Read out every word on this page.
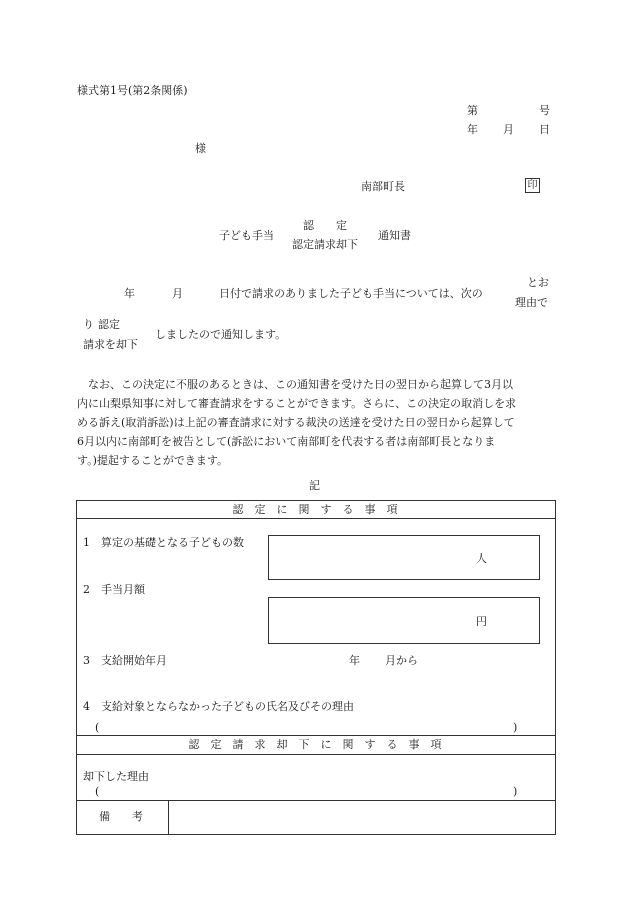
様式第1号(第2条関係)
第	号
年 月 日
様
南部町長	印
認　　定
子ども手当
認定請求却下
通知書
とお
年	月	日付で請求のありました子ども手当については、次の
理由で
り 認定
しましたので通知します。
請求を却下
　なお、この決定に不服のあるときは、この通知書を受けた日の翌日から起算して3月以
内に山梨県知事に対して審査請求をすることができます。さらに、この決定の取消しを求
める訴え(取消訴訟)は上記の審査請求に対する裁決の送達を受けた日の翌日から起算して
6月以内に南部町を被告として(訴訟において南部町を代表する者は南部町長となりま
す。)提起することができます。
記
認　定　に　関　す　る　事　項
1　算定の基礎となる子どもの数
人
2　手当月額
円
3　支給開始年月	年 月から
4　支給対象とならなかった子どもの氏名及びその理由
(	)
認　定　請　求　却　下　に　関　す　る　事　項
却下した理由
(	)
備　　考
